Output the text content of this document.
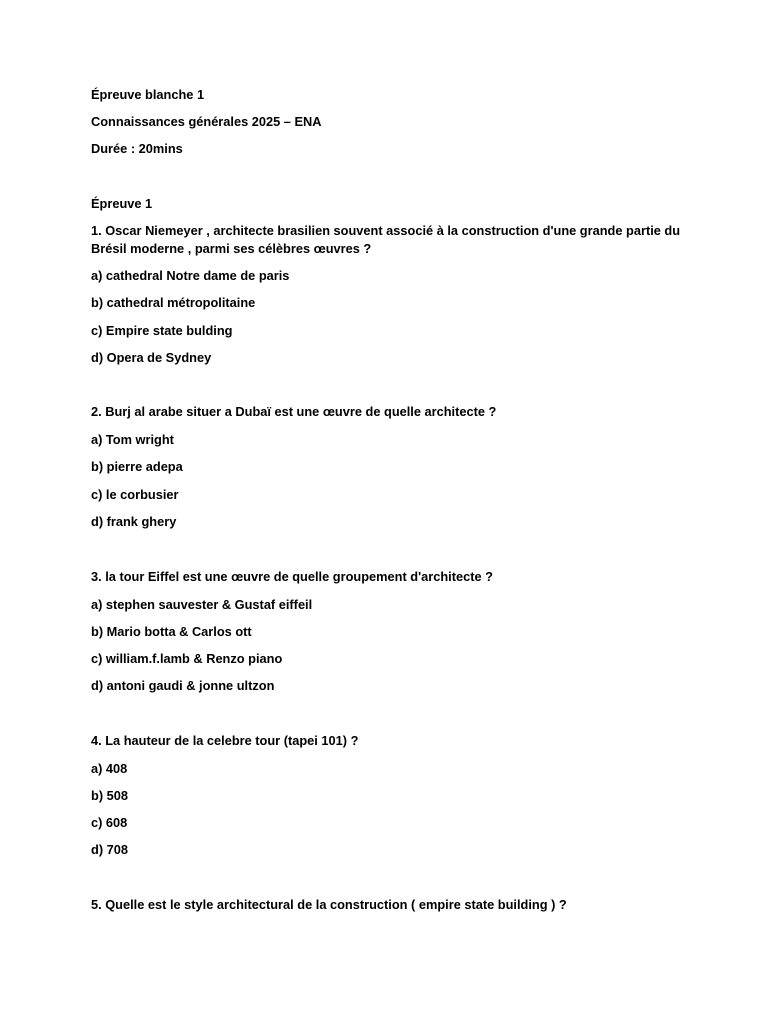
Épreuve blanche 1
Connaissances générales 2025 – ENA
Durée : 20mins
Épreuve 1
1. Oscar Niemeyer , architecte brasilien souvent associé à la construction d'une grande partie du Brésil moderne , parmi ses célèbres œuvres ?
a) cathedral Notre dame de paris
b) cathedral métropolitaine
c) Empire state bulding
d) Opera de Sydney
2. Burj al arabe situer a Dubaï est une œuvre de quelle architecte ?
a) Tom wright
b) pierre adepa
c) le corbusier
d) frank ghery
3. la tour Eiffel est une œuvre de quelle groupement d'architecte ?
a) stephen sauvester & Gustaf eiffeil
b) Mario botta & Carlos ott
c) william.f.lamb & Renzo piano
d) antoni gaudi & jonne ultzon
4. La hauteur de la celebre tour (tapei 101) ?
a) 408
b) 508
c) 608
d) 708
5. Quelle est le style architectural de la construction ( empire state building ) ?
